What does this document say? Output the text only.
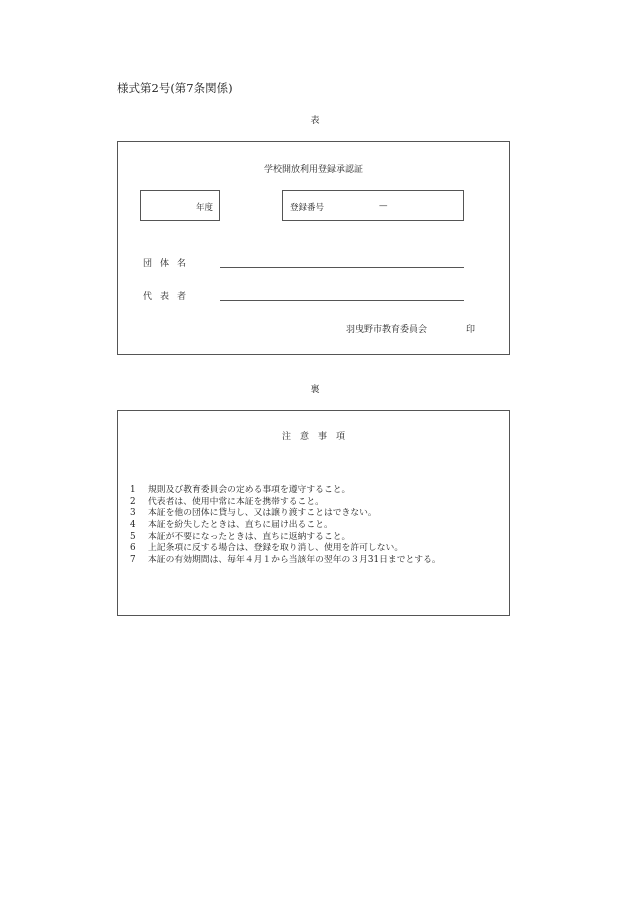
様式第2号(第7条関係)
表
学校開放利用登録承認証
年度	登録番号	—
団体名
代表者
羽曳野市教育委員会	印
裏
注意事項
1 規則及び教育委員会の定める事項を遵守すること。
2 代表者は、使用中常に本証を携帯すること。
3 本証を他の団体に貸与し、又は譲り渡すことはできない。
4 本証を紛失したときは、直ちに届け出ること。
5 本証が不要になったときは、直ちに返納すること。
6 上記条項に反する場合は、登録を取り消し、使用を許可しない。
7 本証の有効期間は、毎年４月１から当該年の翌年の３月31日までとする。
